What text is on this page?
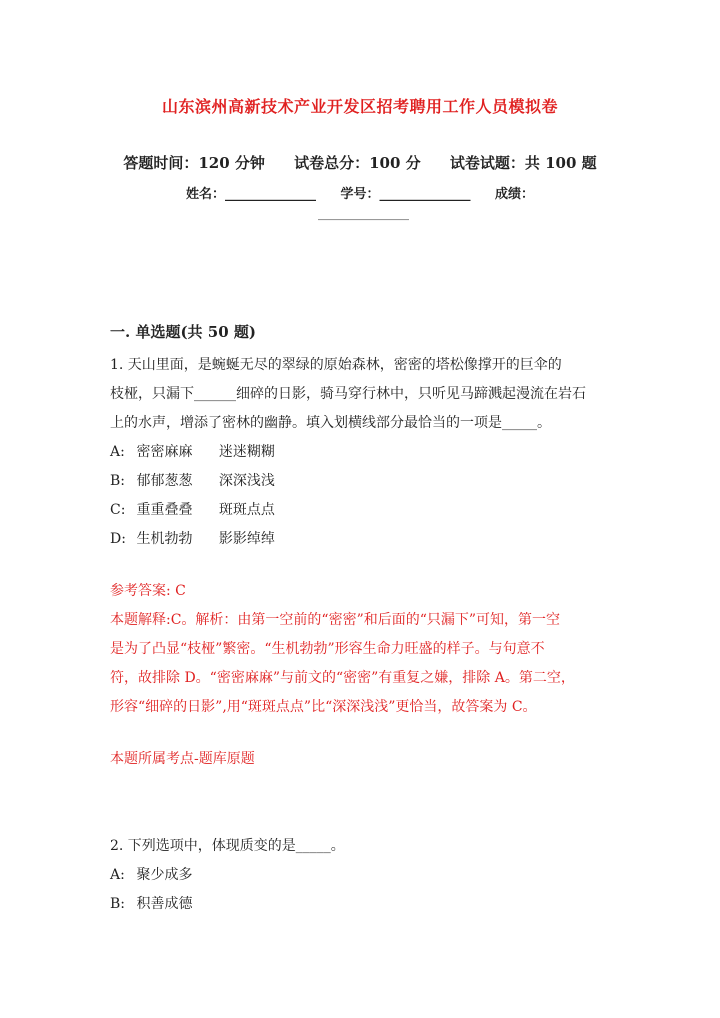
山东滨州高新技术产业开发区招考聘用工作人员模拟卷
答题时间：120 分钟 试卷总分：100 分 试卷试题：共 100 题
姓名：______________ 学号：______________ 成绩：
______________
一. 单选题(共 50 题)

1. 天山里面，是蜿蜒无尽的翠绿的原始森林，密密的塔松像撑开的巨伞的

枝桠，只漏下______细碎的日影，骑马穿行林中，只听见马蹄溅起漫流在岩石

上的水声，增添了密林的幽静。填入划横线部分最恰当的一项是_____。

A: 密密麻麻 迷迷糊糊
B: 郁郁葱葱 深深浅浅
C: 重重叠叠 斑斑点点
D: 生机勃勃 影影绰绰

参考答案: C

本题解释:C。解析：由第一空前的“密密”和后面的“只漏下”可知，第一空

是为了凸显“枝桠”繁密。“生机勃勃”形容生命力旺盛的样子。与句意不

符，故排除 D。“密密麻麻”与前文的“密密”有重复之嫌，排除 A。第二空，

形容“细碎的日影”,用“斑斑点点”比“深深浅浅”更恰当，故答案为 C。

本题所属考点-题库原题

2. 下列选项中，体现质变的是_____。

A: 聚少成多
B: 积善成德
